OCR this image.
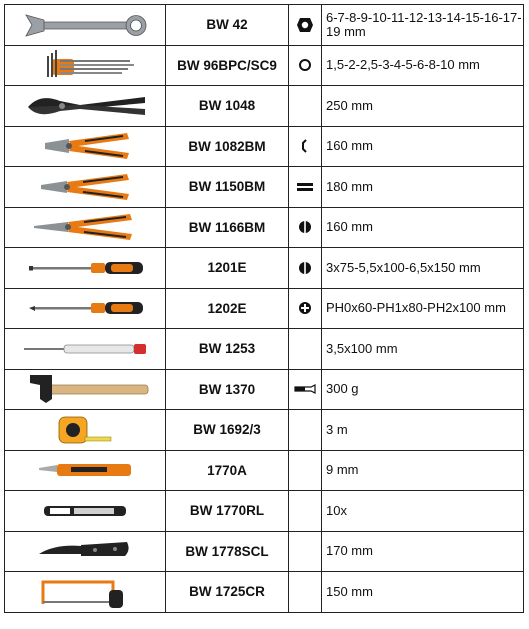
	BW 42		6-7-8-9-10-11-12-13-14-15-16-17-19 mm

	BW 96BPC/SC9		1,5-2-2,5-3-4-5-6-8-10 mm

	BW 1048		250 mm

	BW 1082BM		160 mm

	BW 1150BM		180 mm

	BW 1166BM		160 mm

	1201E		3x75-5,5x100-6,5x150 mm

	1202E		PH0x60-PH1x80-PH2x100 mm

	BW 1253		3,5x100 mm

	BW 1370		300 g

	BW 1692/3		3 m

	1770A		9 mm

	BW 1770RL		10x

	BW 1778SCL		170 mm

	BW 1725CR		150 mm
